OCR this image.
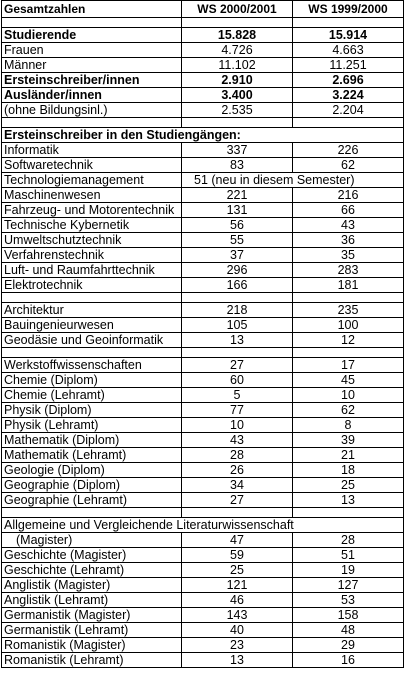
Gesamtzahlen	WS 2000/2001	WS 1999/2000

Studierende	15.828	15.914
Frauen	4.726	4.663
Männer	11.102	11.251
Ersteinschreiber/innen	2.910	2.696
Ausländer/innen	3.400	3.224
(ohne Bildungsinl.)	2.535	2.204

Ersteinschreiber in den Studiengängen:		
Informatik	337	226
Softwaretechnik	83	62
Technologiemanagement	51 (neu in diesem Semester)	
Maschinenwesen	221	216
Fahrzeug- und Motorentechnik	131	66
Technische Kybernetik	56	43
Umweltschutztechnik	55	36
Verfahrenstechnik	37	35
Luft- und Raumfahrttechnik	296	283
Elektrotechnik	166	181

Architektur	218	235
Bauingenieurwesen	105	100
Geodäsie und Geoinformatik	13	12

Werkstoffwissenschaften	27	17
Chemie (Diplom)	60	45
Chemie (Lehramt)	5	10
Physik (Diplom)	77	62
Physik (Lehramt)	10	8
Mathematik (Diplom)	43	39
Mathematik (Lehramt)	28	21
Geologie (Diplom)	26	18
Geographie (Diplom)	34	25
Geographie (Lehramt)	27	13

Allgemeine und Vergleichende Literaturwissenschaft		
(Magister)	47	28
Geschichte (Magister)	59	51
Geschichte (Lehramt)	25	19
Anglistik (Magister)	121	127
Anglistik (Lehramt)	46	53
Germanistik (Magister)	143	158
Germanistik (Lehramt)	40	48
Romanistik (Magister)	23	29
Romanistik (Lehramt)	13	16
